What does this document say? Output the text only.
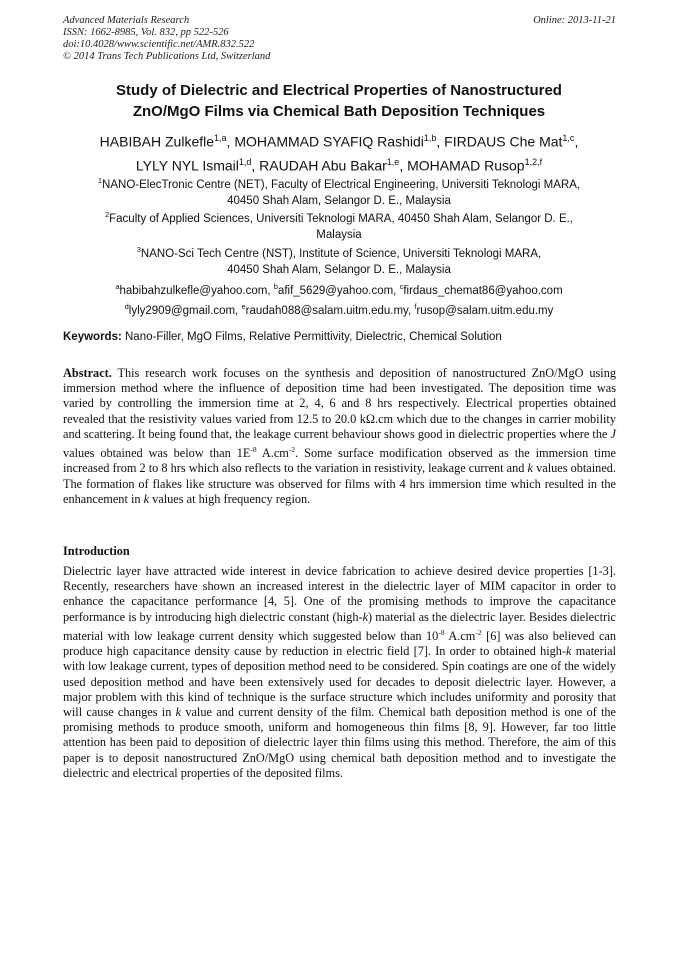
Advanced Materials Research
ISSN: 1662-8985, Vol. 832, pp 522-526
doi:10.4028/www.scientific.net/AMR.832.522
© 2014 Trans Tech Publications Ltd, Switzerland
Online: 2013-11-21
Study of Dielectric and Electrical Properties of Nanostructured
ZnO/MgO Films via Chemical Bath Deposition Techniques
HABIBAH Zulkefle$^{1,a}$, MOHAMMAD SYAFIQ Rashidi$^{1,b}$, FIRDAUS Che Mat$^{1,c}$,
LYLY NYL Ismail$^{1,d}$, RAUDAH Abu Bakar$^{1,e}$, MOHAMAD Rusop$^{1,2,f}$
$^1$NANO-ElecTronic Centre (NET), Faculty of Electrical Engineering, Universiti Teknologi MARA,
40450 Shah Alam, Selangor D. E., Malaysia
$^2$Faculty of Applied Sciences, Universiti Teknologi MARA, 40450 Shah Alam, Selangor D. E.,
Malaysia
$^3$NANO-Sci Tech Centre (NST), Institute of Science, Universiti Teknologi MARA,
40450 Shah Alam, Selangor D. E., Malaysia
$^a$habibahzulkefle@yahoo.com, $^b$afif_5629@yahoo.com, $^c$firdaus_chemat86@yahoo.com
$^d$lyly2909@gmail.com, $^e$raudah088@salam.uitm.edu.my, $^f$rusop@salam.uitm.edu.my
Keywords: Nano-Filler, MgO Films, Relative Permittivity, Dielectric, Chemical Solution
Abstract. This research work focuses on the synthesis and deposition of nanostructured ZnO/MgO using immersion method where the influence of deposition time had been investigated. The deposition time was varied by controlling the immersion time at 2, 4, 6 and 8 hrs respectively. Electrical properties obtained revealed that the resistivity values varied from 12.5 to 20.0 kΩ.cm which due to the changes in carrier mobility and scattering. It being found that, the leakage current behaviour shows good in dielectric properties where the J values obtained was below than $1E^{-8}$ $A.cm^{-2}$. Some surface modification observed as the immersion time increased from 2 to 8 hrs which also reflects to the variation in resistivity, leakage current and k values obtained. The formation of flakes like structure was observed for films with 4 hrs immersion time which resulted in the enhancement in k values at high frequency region.
Introduction
Dielectric layer have attracted wide interest in device fabrication to achieve desired device properties [1-3]. Recently, researchers have shown an increased interest in the dielectric layer of MIM capacitor in order to enhance the capacitance performance [4, 5]. One of the promising methods to improve the capacitance performance is by introducing high dielectric constant (high-k) material as the dielectric layer. Besides dielectric material with low leakage current density which suggested below than $10^{-8}$ $A.cm^{-2}$ [6] was also believed can produce high capacitance density cause by reduction in electric field [7]. In order to obtained high-k material with low leakage current, types of deposition method need to be considered. Spin coatings are one of the widely used deposition method and have been extensively used for decades to deposit dielectric layer. However, a major problem with this kind of technique is the surface structure which includes uniformity and porosity that will cause changes in k value and current density of the film. Chemical bath deposition method is one of the promising methods to produce smooth, uniform and homogeneous thin films [8, 9]. However, far too little attention has been paid to deposition of dielectric layer thin films using this method. Therefore, the aim of this paper is to deposit nanostructured ZnO/MgO using chemical bath deposition method and to investigate the dielectric and electrical properties of the deposited films.
